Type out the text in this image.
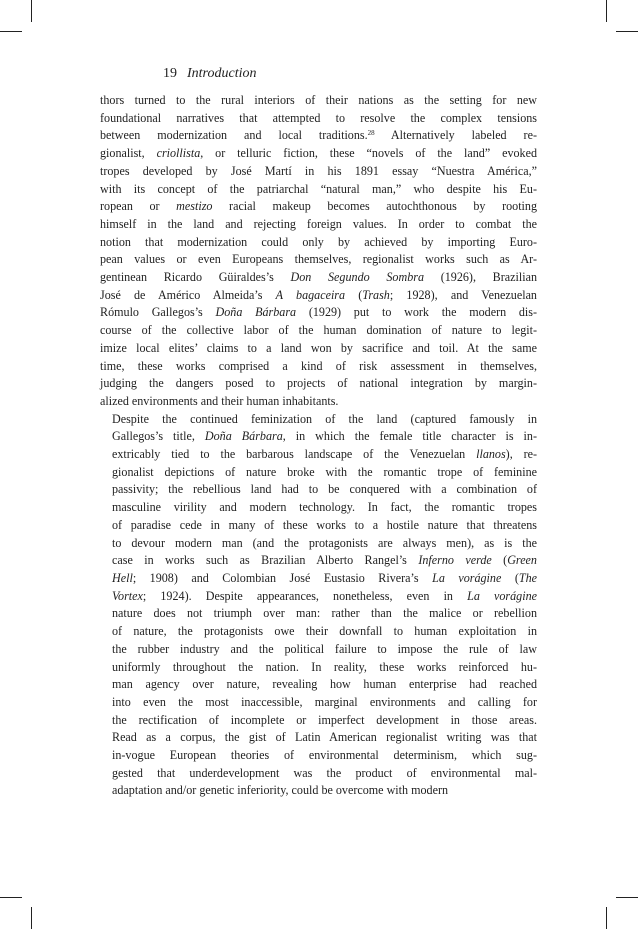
19 Introduction

thors turned to the rural interiors of their nations as the setting for new
foundational narratives that attempted to resolve the complex tensions
between modernization and local traditions.$^{28}$ Alternatively labeled re-
gionalist, criollista, or telluric fiction, these “novels of the land” evoked
tropes developed by José Martí in his 1891 essay “Nuestra América,”
with its concept of the patriarchal “natural man,” who despite his Eu-
ropean or mestizo racial makeup becomes autochthonous by rooting
himself in the land and rejecting foreign values. In order to combat the
notion that modernization could only by achieved by importing Euro-
pean values or even Europeans themselves, regionalist works such as Ar-
gentinean Ricardo Güiraldes’s Don Segundo Sombra (1926), Brazilian
José de Américo Almeida’s A bagaceira (Trash; 1928), and Venezuelan
Rómulo Gallegos’s Doña Bárbara (1929) put to work the modern dis-
course of the collective labor of the human domination of nature to legit-
imize local elites’ claims to a land won by sacrifice and toil. At the same
time, these works comprised a kind of risk assessment in themselves,
judging the dangers posed to projects of national integration by margin-
alized environments and their human inhabitants.

Despite the continued feminization of the land (captured famously in
Gallegos’s title, Doña Bárbara, in which the female title character is in-
extricably tied to the barbarous landscape of the Venezuelan llanos), re-
gionalist depictions of nature broke with the romantic trope of feminine
passivity; the rebellious land had to be conquered with a combination of
masculine virility and modern technology. In fact, the romantic tropes
of paradise cede in many of these works to a hostile nature that threatens
to devour modern man (and the protagonists are always men), as is the
case in works such as Brazilian Alberto Rangel’s Inferno verde (Green
Hell; 1908) and Colombian José Eustasio Rivera’s La vorágine (The
Vortex; 1924). Despite appearances, nonetheless, even in La vorágine
nature does not triumph over man: rather than the malice or rebellion
of nature, the protagonists owe their downfall to human exploitation in
the rubber industry and the political failure to impose the rule of law
uniformly throughout the nation. In reality, these works reinforced hu-
man agency over nature, revealing how human enterprise had reached
into even the most inaccessible, marginal environments and calling for
the rectification of incomplete or imperfect development in those areas.
Read as a corpus, the gist of Latin American regionalist writing was that
in-vogue European theories of environmental determinism, which sug-
gested that underdevelopment was the product of environmental mal-
adaptation and/or genetic inferiority, could be overcome with modern
